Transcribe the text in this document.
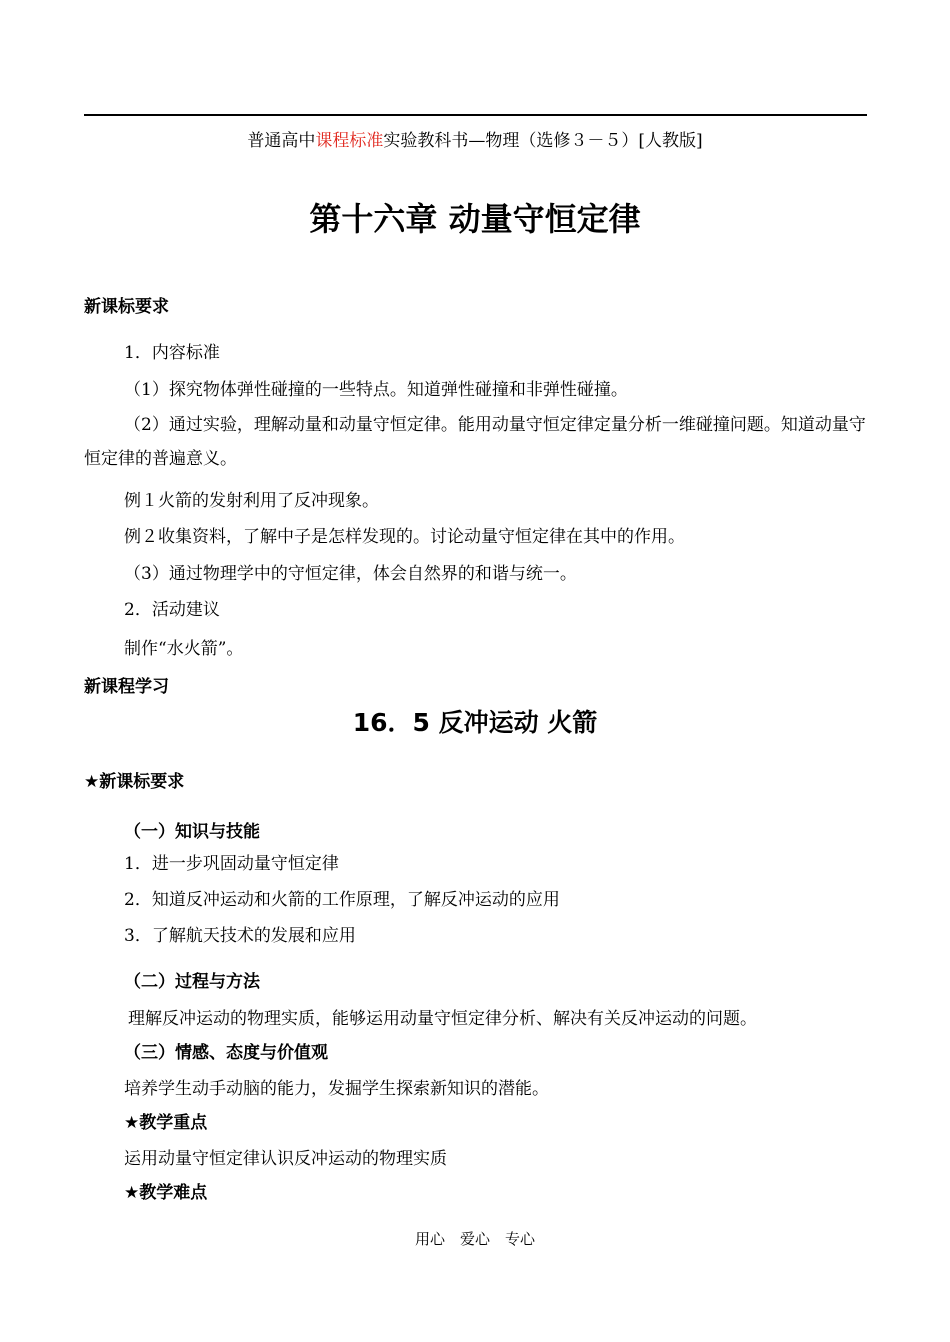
普通高中课程标准实验教科书—物理（选修３－５）[人教版]
第十六章 动量守恒定律
新课标要求
1．内容标准
（1）探究物体弹性碰撞的一些特点。知道弹性碰撞和非弹性碰撞。
（2）通过实验，理解动量和动量守恒定律。能用动量守恒定律定量分析一维碰撞问题。知道动量守恒定律的普遍意义。
例１火箭的发射利用了反冲现象。
例２收集资料，了解中子是怎样发现的。讨论动量守恒定律在其中的作用。
（3）通过物理学中的守恒定律，体会自然界的和谐与统一。
2．活动建议
制作“水火箭”。
新课程学习
16．5 反冲运动 火箭
★新课标要求
（一）知识与技能
1．进一步巩固动量守恒定律
2．知道反冲运动和火箭的工作原理，了解反冲运动的应用
3．了解航天技术的发展和应用
（二）过程与方法
理解反冲运动的物理实质，能够运用动量守恒定律分析、解决有关反冲运动的问题。
（三）情感、态度与价值观
培养学生动手动脑的能力，发掘学生探索新知识的潜能。
★教学重点
运用动量守恒定律认识反冲运动的物理实质
★教学难点
用心　爱心　专心
